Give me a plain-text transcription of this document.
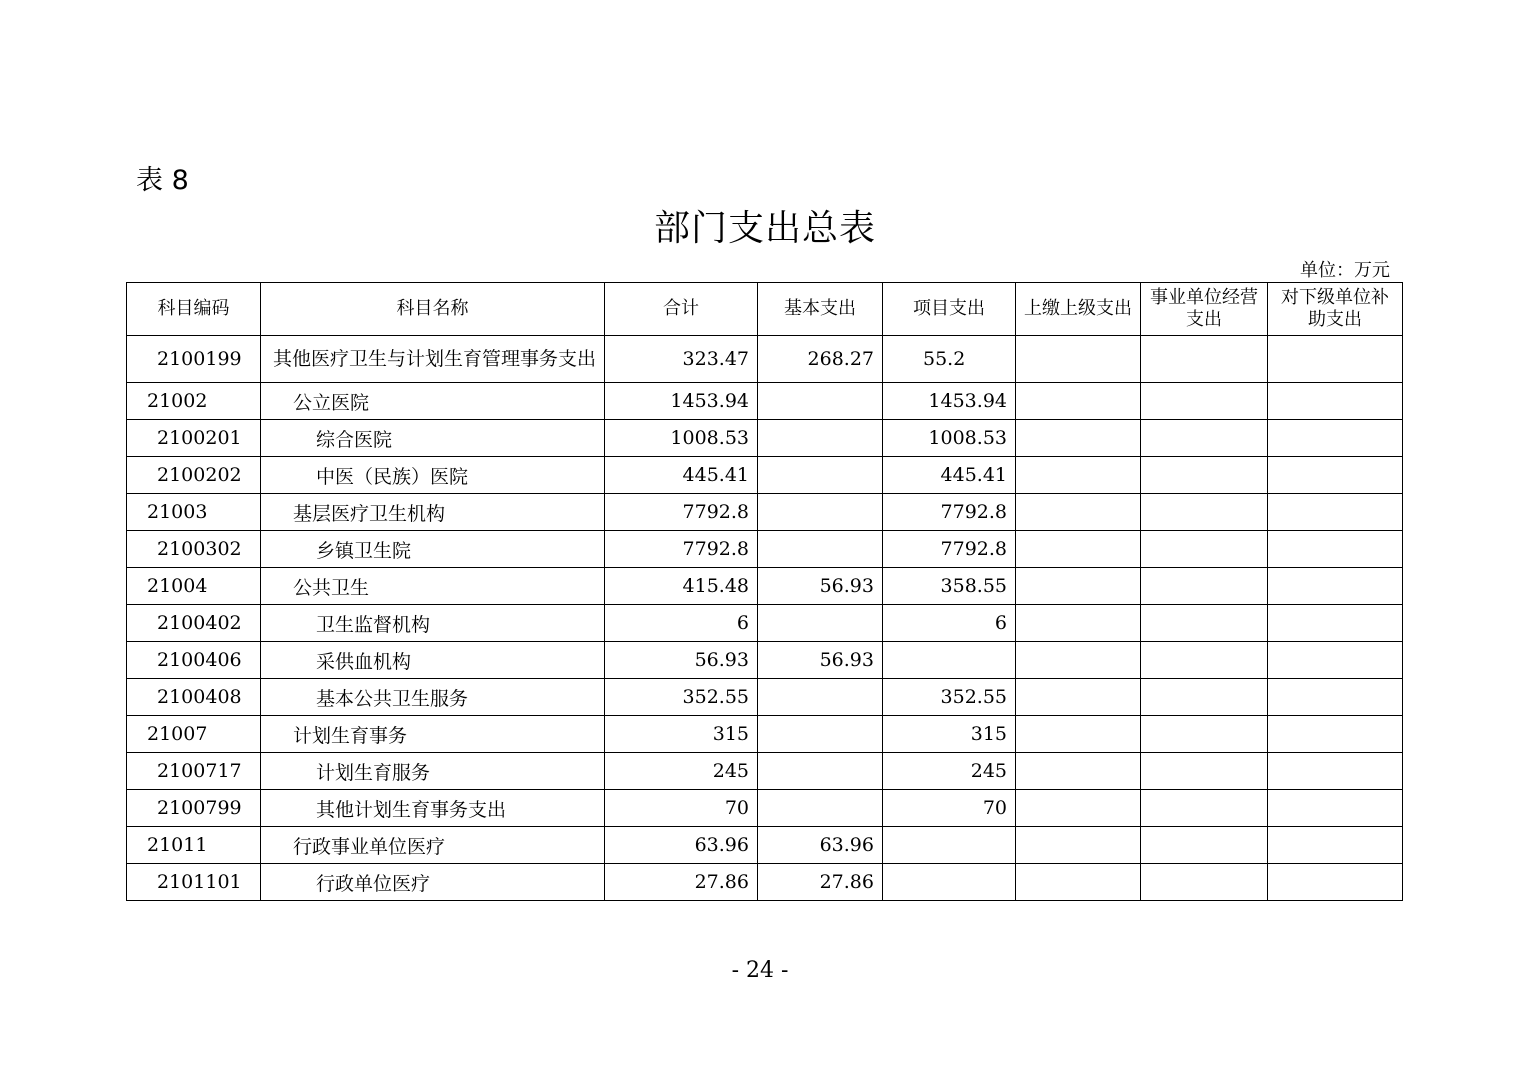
表 8
部门支出总表
单位：万元
科目编码	科目名称	合计	基本支出	项目支出	上缴上级支出	事业单位经营支出	对下级单位补助支出
2100199	其他医疗卫生与计划生育管理事务支出	323.47	268.27	55.2			
21002	公立医院	1453.94		1453.94			
2100201	综合医院	1008.53		1008.53			
2100202	中医（民族）医院	445.41		445.41			
21003	基层医疗卫生机构	7792.8		7792.8			
2100302	乡镇卫生院	7792.8		7792.8			
21004	公共卫生	415.48	56.93	358.55			
2100402	卫生监督机构	6		6			
2100406	采供血机构	56.93	56.93				
2100408	基本公共卫生服务	352.55		352.55			
21007	计划生育事务	315		315			
2100717	计划生育服务	245		245			
2100799	其他计划生育事务支出	70		70			
21011	行政事业单位医疗	63.96	63.96				
2101101	行政单位医疗	27.86	27.86				
- 24 -
